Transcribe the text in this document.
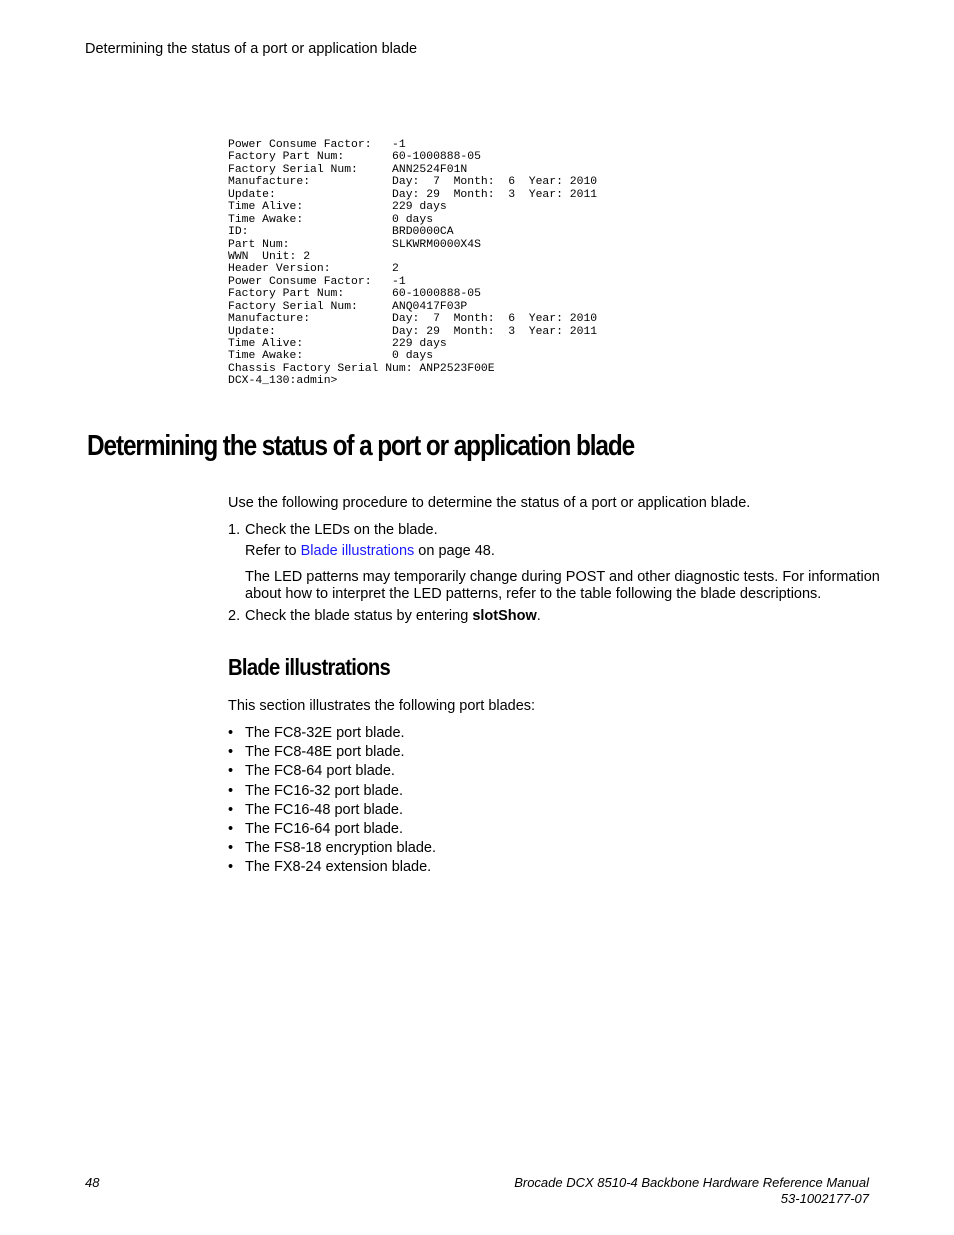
Determining the status of a port or application blade
Power Consume Factor:   -1
Factory Part Num:       60-1000888-05
Factory Serial Num:     ANN2524F01N
Manufacture:            Day:  7  Month:  6  Year: 2010
Update:                 Day: 29  Month:  3  Year: 2011
Time Alive:             229 days
Time Awake:             0 days
ID:                     BRD0000CA
Part Num:               SLKWRM0000X4S
WWN  Unit: 2
Header Version:         2
Power Consume Factor:   -1
Factory Part Num:       60-1000888-05
Factory Serial Num:     ANQ0417F03P
Manufacture:            Day:  7  Month:  6  Year: 2010
Update:                 Day: 29  Month:  3  Year: 2011
Time Alive:             229 days
Time Awake:             0 days
Chassis Factory Serial Num: ANP2523F00E
DCX-4_130:admin>
Determining the status of a port or application blade
Use the following procedure to determine the status of a port or application blade.
1. Check the LEDs on the blade.
Refer to Blade illustrations on page 48.
The LED patterns may temporarily change during POST and other diagnostic tests. For information
about how to interpret the LED patterns, refer to the table following the blade descriptions.
2. Check the blade status by entering slotShow.
Blade illustrations
This section illustrates the following port blades:
• The FC8-32E port blade.
• The FC8-48E port blade.
• The FC8-64 port blade.
• The FC16-32 port blade.
• The FC16-48 port blade.
• The FC16-64 port blade.
• The FS8-18 encryption blade.
• The FX8-24 extension blade.
48	Brocade DCX 8510-4 Backbone Hardware Reference Manual
53-1002177-07
